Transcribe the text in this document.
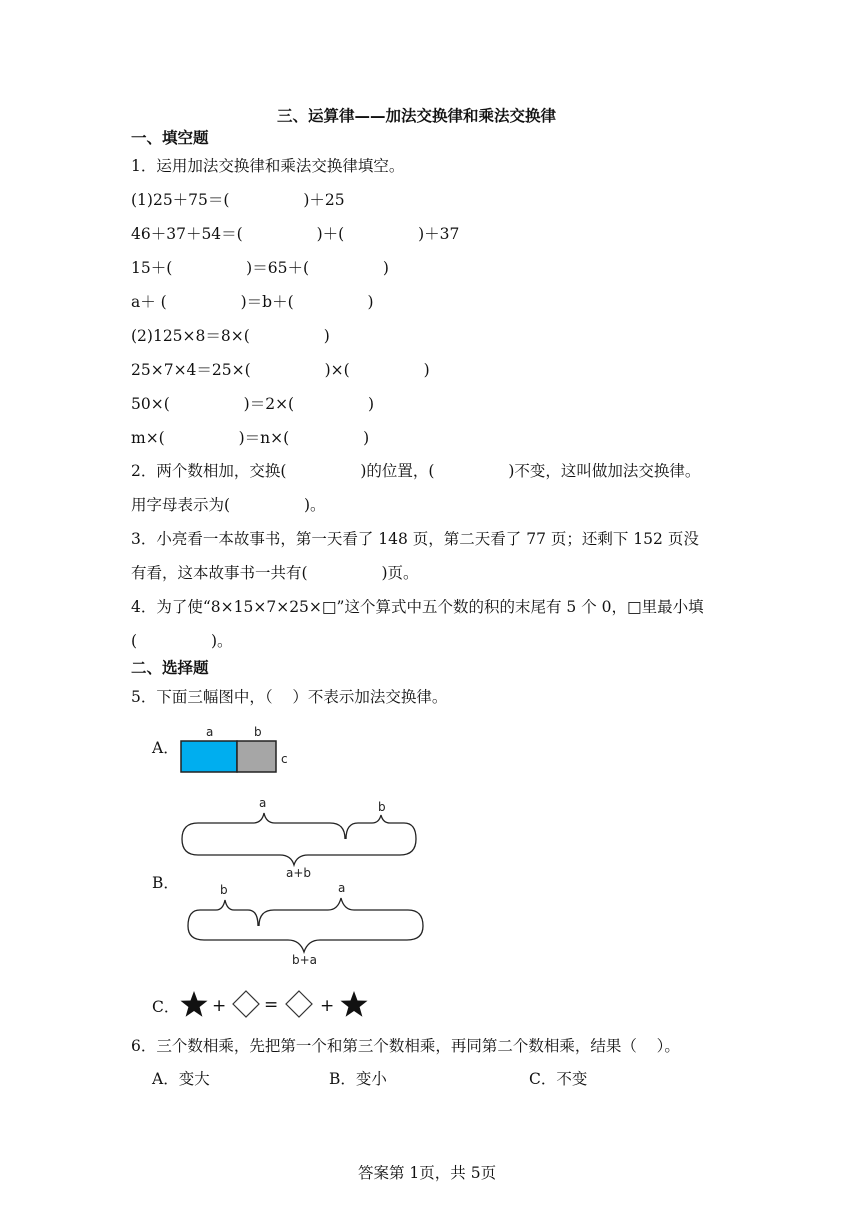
三、运算律——加法交换律和乘法交换律
一、填空题
1．运用加法交换律和乘法交换律填空。
(1)25＋75＝(               )＋25
46＋37＋54＝(               )＋(               )＋37
15＋(               )＝65＋(               )
a＋ (               )＝b＋(               )
(2)125×8＝8×(               )
25×7×4＝25×(               )×(               )
50×(               )＝2×(               )
m×(               )＝n×(               )
2．两个数相加，交换(               )的位置，(               )不变，这叫做加法交换律。
用字母表示为(               )。
3．小亮看一本故事书，第一天看了 148 页，第二天看了 77 页；还剩下 152 页没
有看，这本故事书一共有(               )页。
4．为了使“8×15×7×25×□”这个算式中五个数的积的末尾有 5 个 0，□里最小填
(               )。
二、选择题
5．下面三幅图中，（    ）不表示加法交换律。
A．
a	b
c
B．
a	b
a+b
b	a
b+a
C． + = +
6．三个数相乘，先把第一个和第三个数相乘，再同第二个数相乘，结果（    ）。
A．变大	B．变小	C．不变
答案第 1页，共 5页
